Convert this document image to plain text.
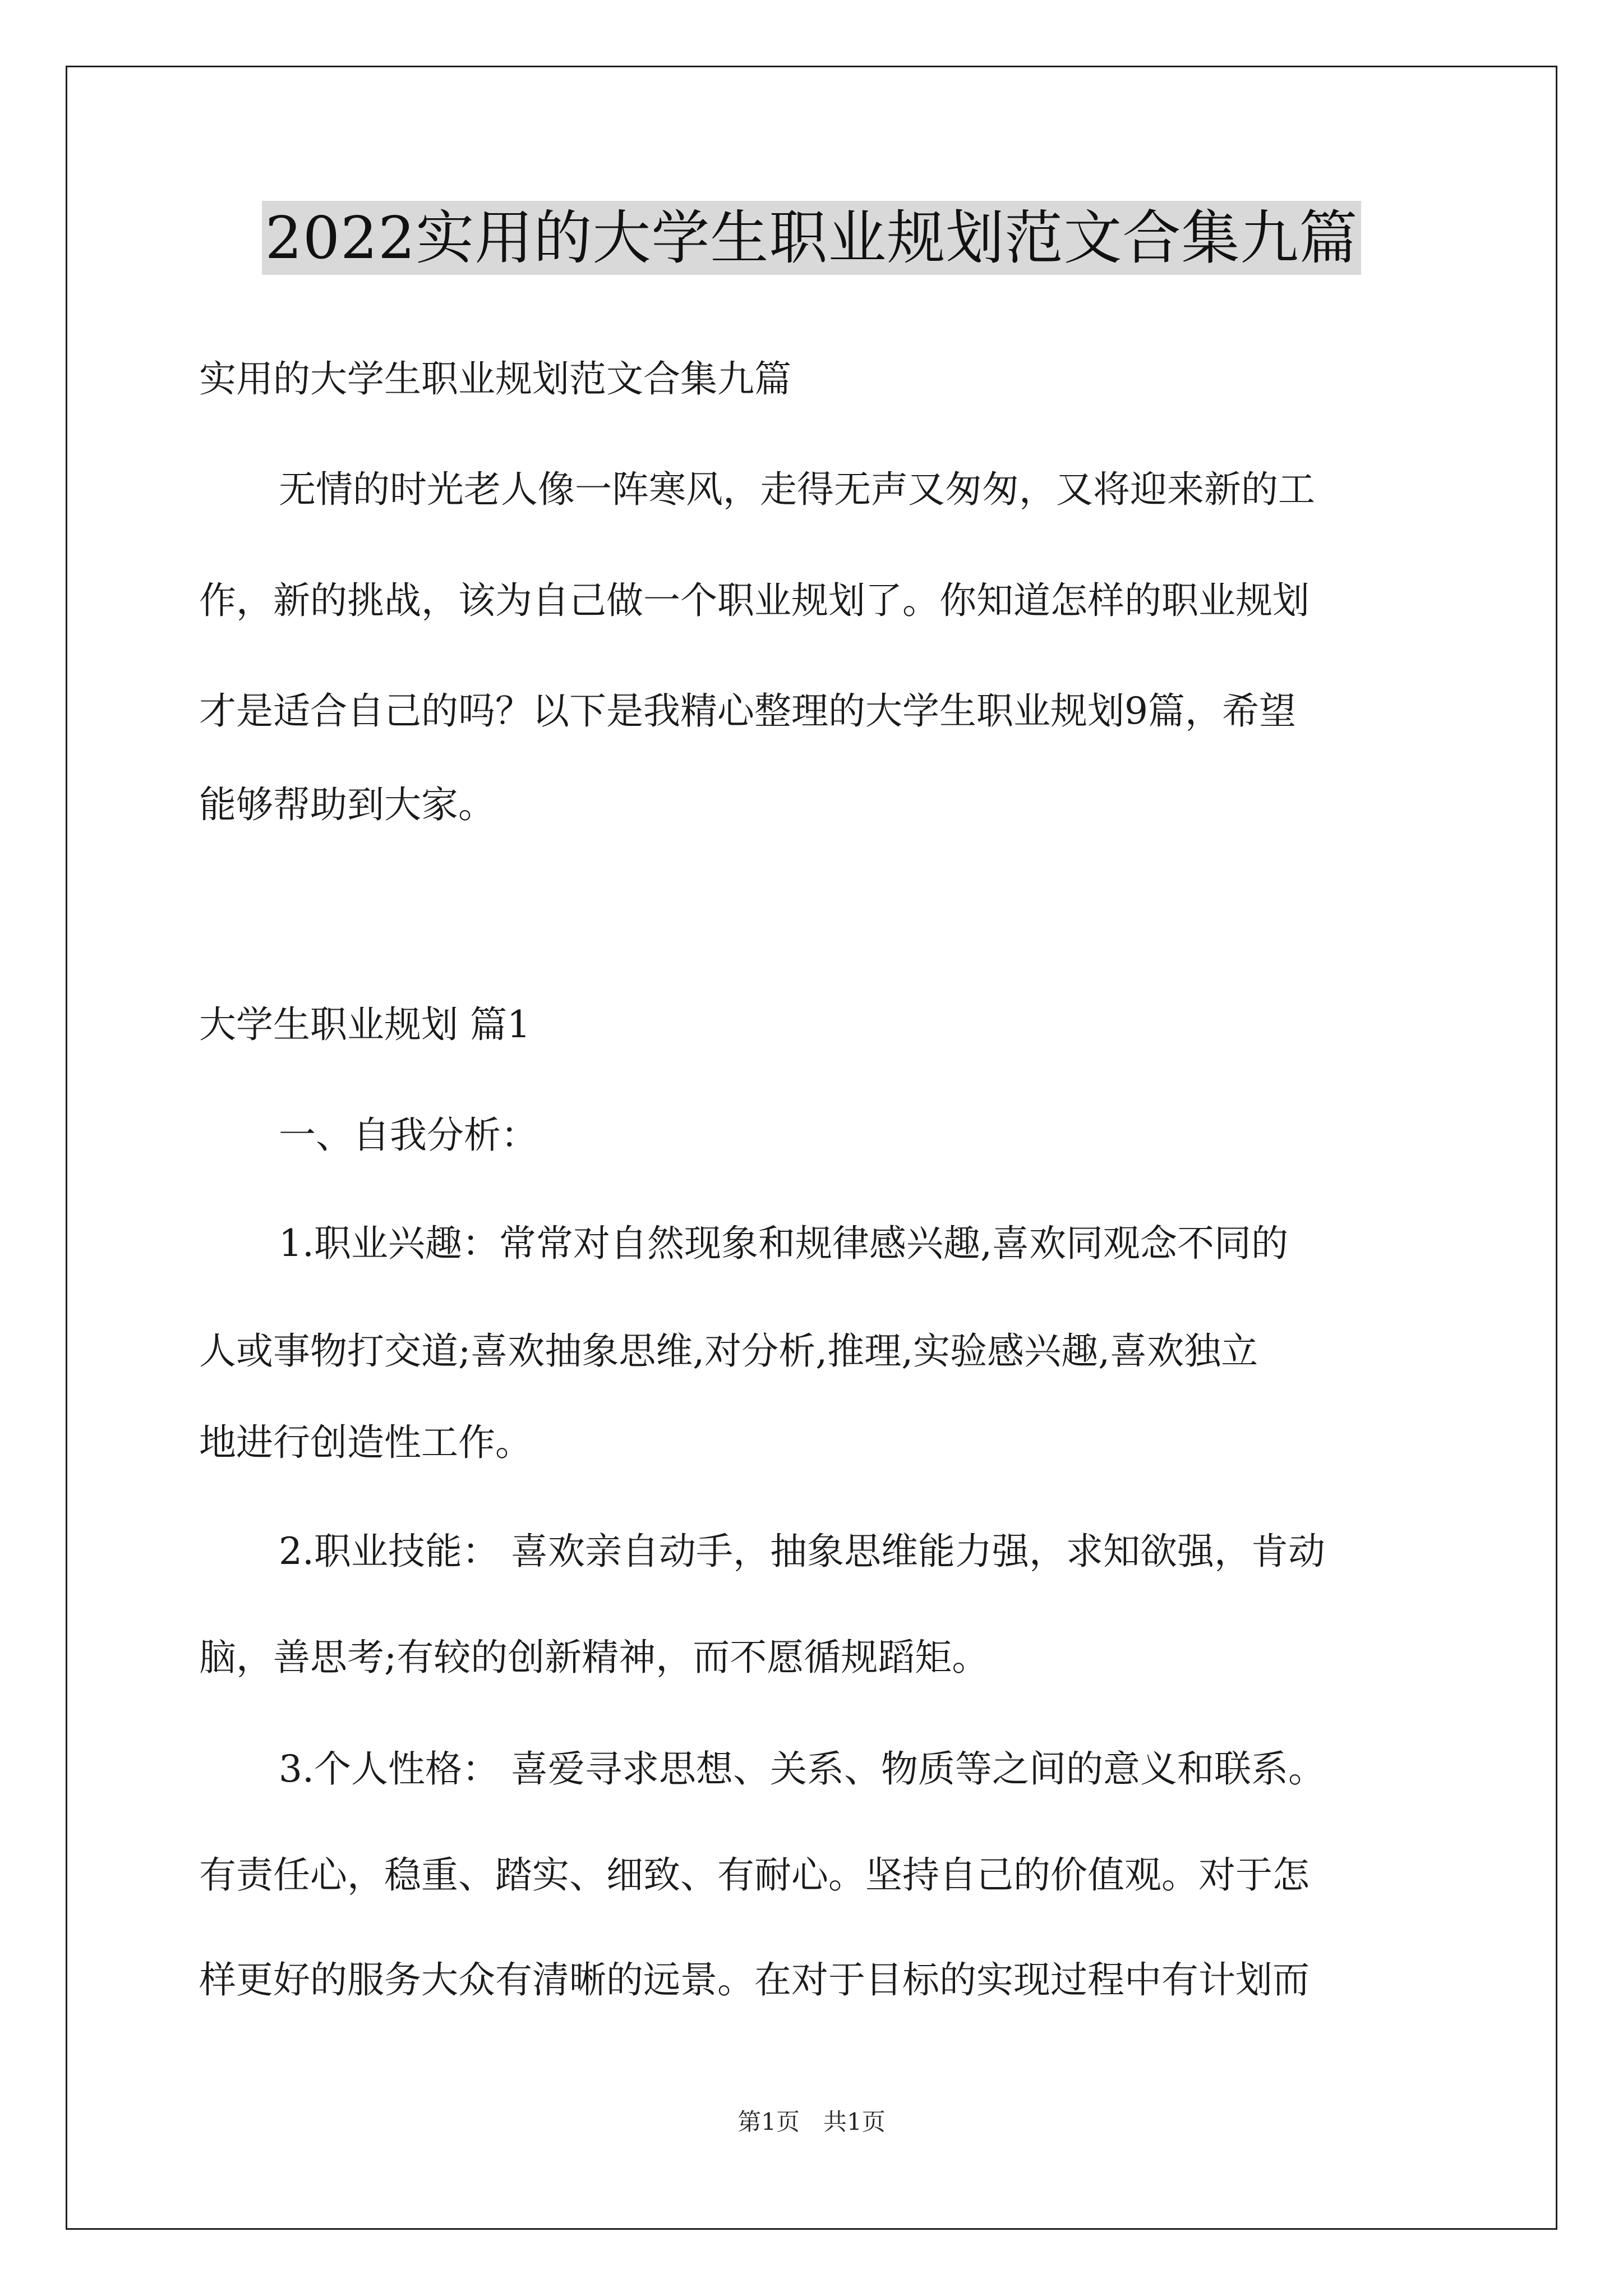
2022实用的大学生职业规划范文合集九篇
实用的大学生职业规划范文合集九篇
无情的时光老人像一阵寒风，走得无声又匆匆，又将迎来新的工
作，新的挑战，该为自己做一个职业规划了。你知道怎样的职业规划
才是适合自己的吗？以下是我精心整理的大学生职业规划9篇，希望
能够帮助到大家。
大学生职业规划 篇1
一、自我分析：
1.职业兴趣：常常对自然现象和规律感兴趣,喜欢同观念不同的
人或事物打交道;喜欢抽象思维,对分析,推理,实验感兴趣,喜欢独立
地进行创造性工作。
2.职业技能： 喜欢亲自动手，抽象思维能力强，求知欲强，肯动
脑，善思考;有较的创新精神，而不愿循规蹈矩。
3.个人性格： 喜爱寻求思想、关系、物质等之间的意义和联系。
有责任心，稳重、踏实、细致、有耐心。坚持自己的价值观。对于怎
样更好的服务大众有清晰的远景。在对于目标的实现过程中有计划而
第1页　共1页
